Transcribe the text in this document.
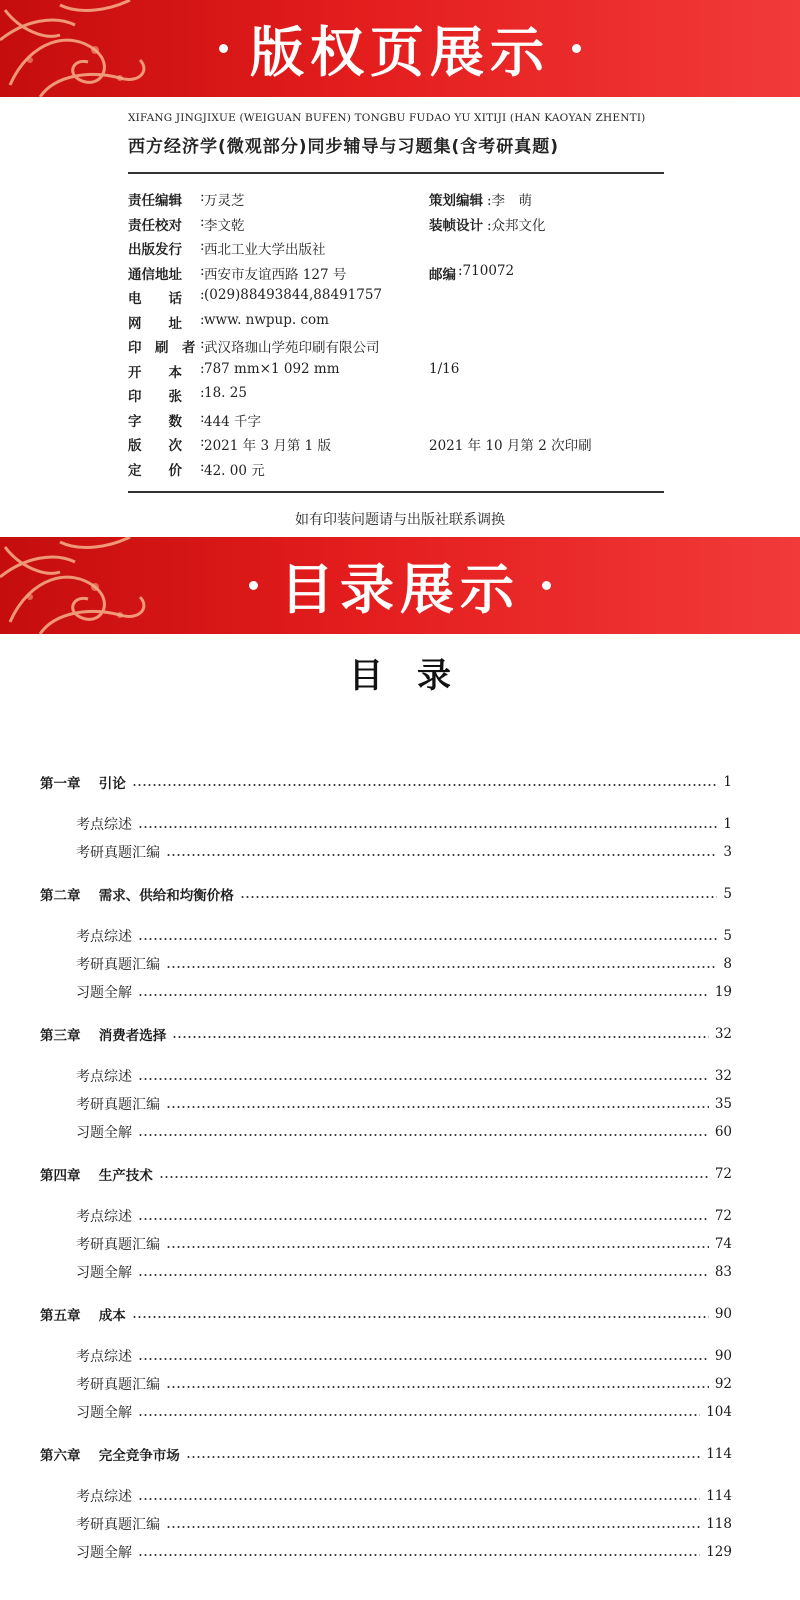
版权页展示
XIFANG JINGJIXUE (WEIGUAN BUFEN) TONGBU FUDAO YU XITIJI (HAN KAOYAN ZHENTI)
西方经济学(微观部分)同步辅导与习题集(含考研真题)
责任编辑	: 万灵芝	策划编辑 :李　萌
责任校对	: 李文乾	装帧设计 :众邦文化
出版发行	: 西北工业大学出版社
通信地址	: 西安市友谊西路 127 号	邮编 :710072
电　　话	: (029)88493844,88491757
网　　址	: www. nwpup. com
印　刷　者 : 武汉珞珈山学苑印刷有限公司
开　　本	: 787 mm×1 092 mm	1/16
印　　张	: 18. 25
字　　数	: 444 千字
版　　次	: 2021 年 3 月第 1 版	2021 年 10 月第 2 次印刷
定　　价	: 42. 00 元
如有印装问题请与出版社联系调换
目录展示
目　录
第一章　 引论	1
考点综述	1
考研真题汇编	3
第二章　 需求、供给和均衡价格	5
考点综述	5
考研真题汇编	8
习题全解	19
第三章　 消费者选择	32
考点综述	32
考研真题汇编	35
习题全解	60
第四章　 生产技术	72
考点综述	72
考研真题汇编	74
习题全解	83
第五章　 成本	90
考点综述	90
考研真题汇编	92
习题全解	104
第六章　 完全竞争市场	114
考点综述	114
考研真题汇编	118
习题全解	129
